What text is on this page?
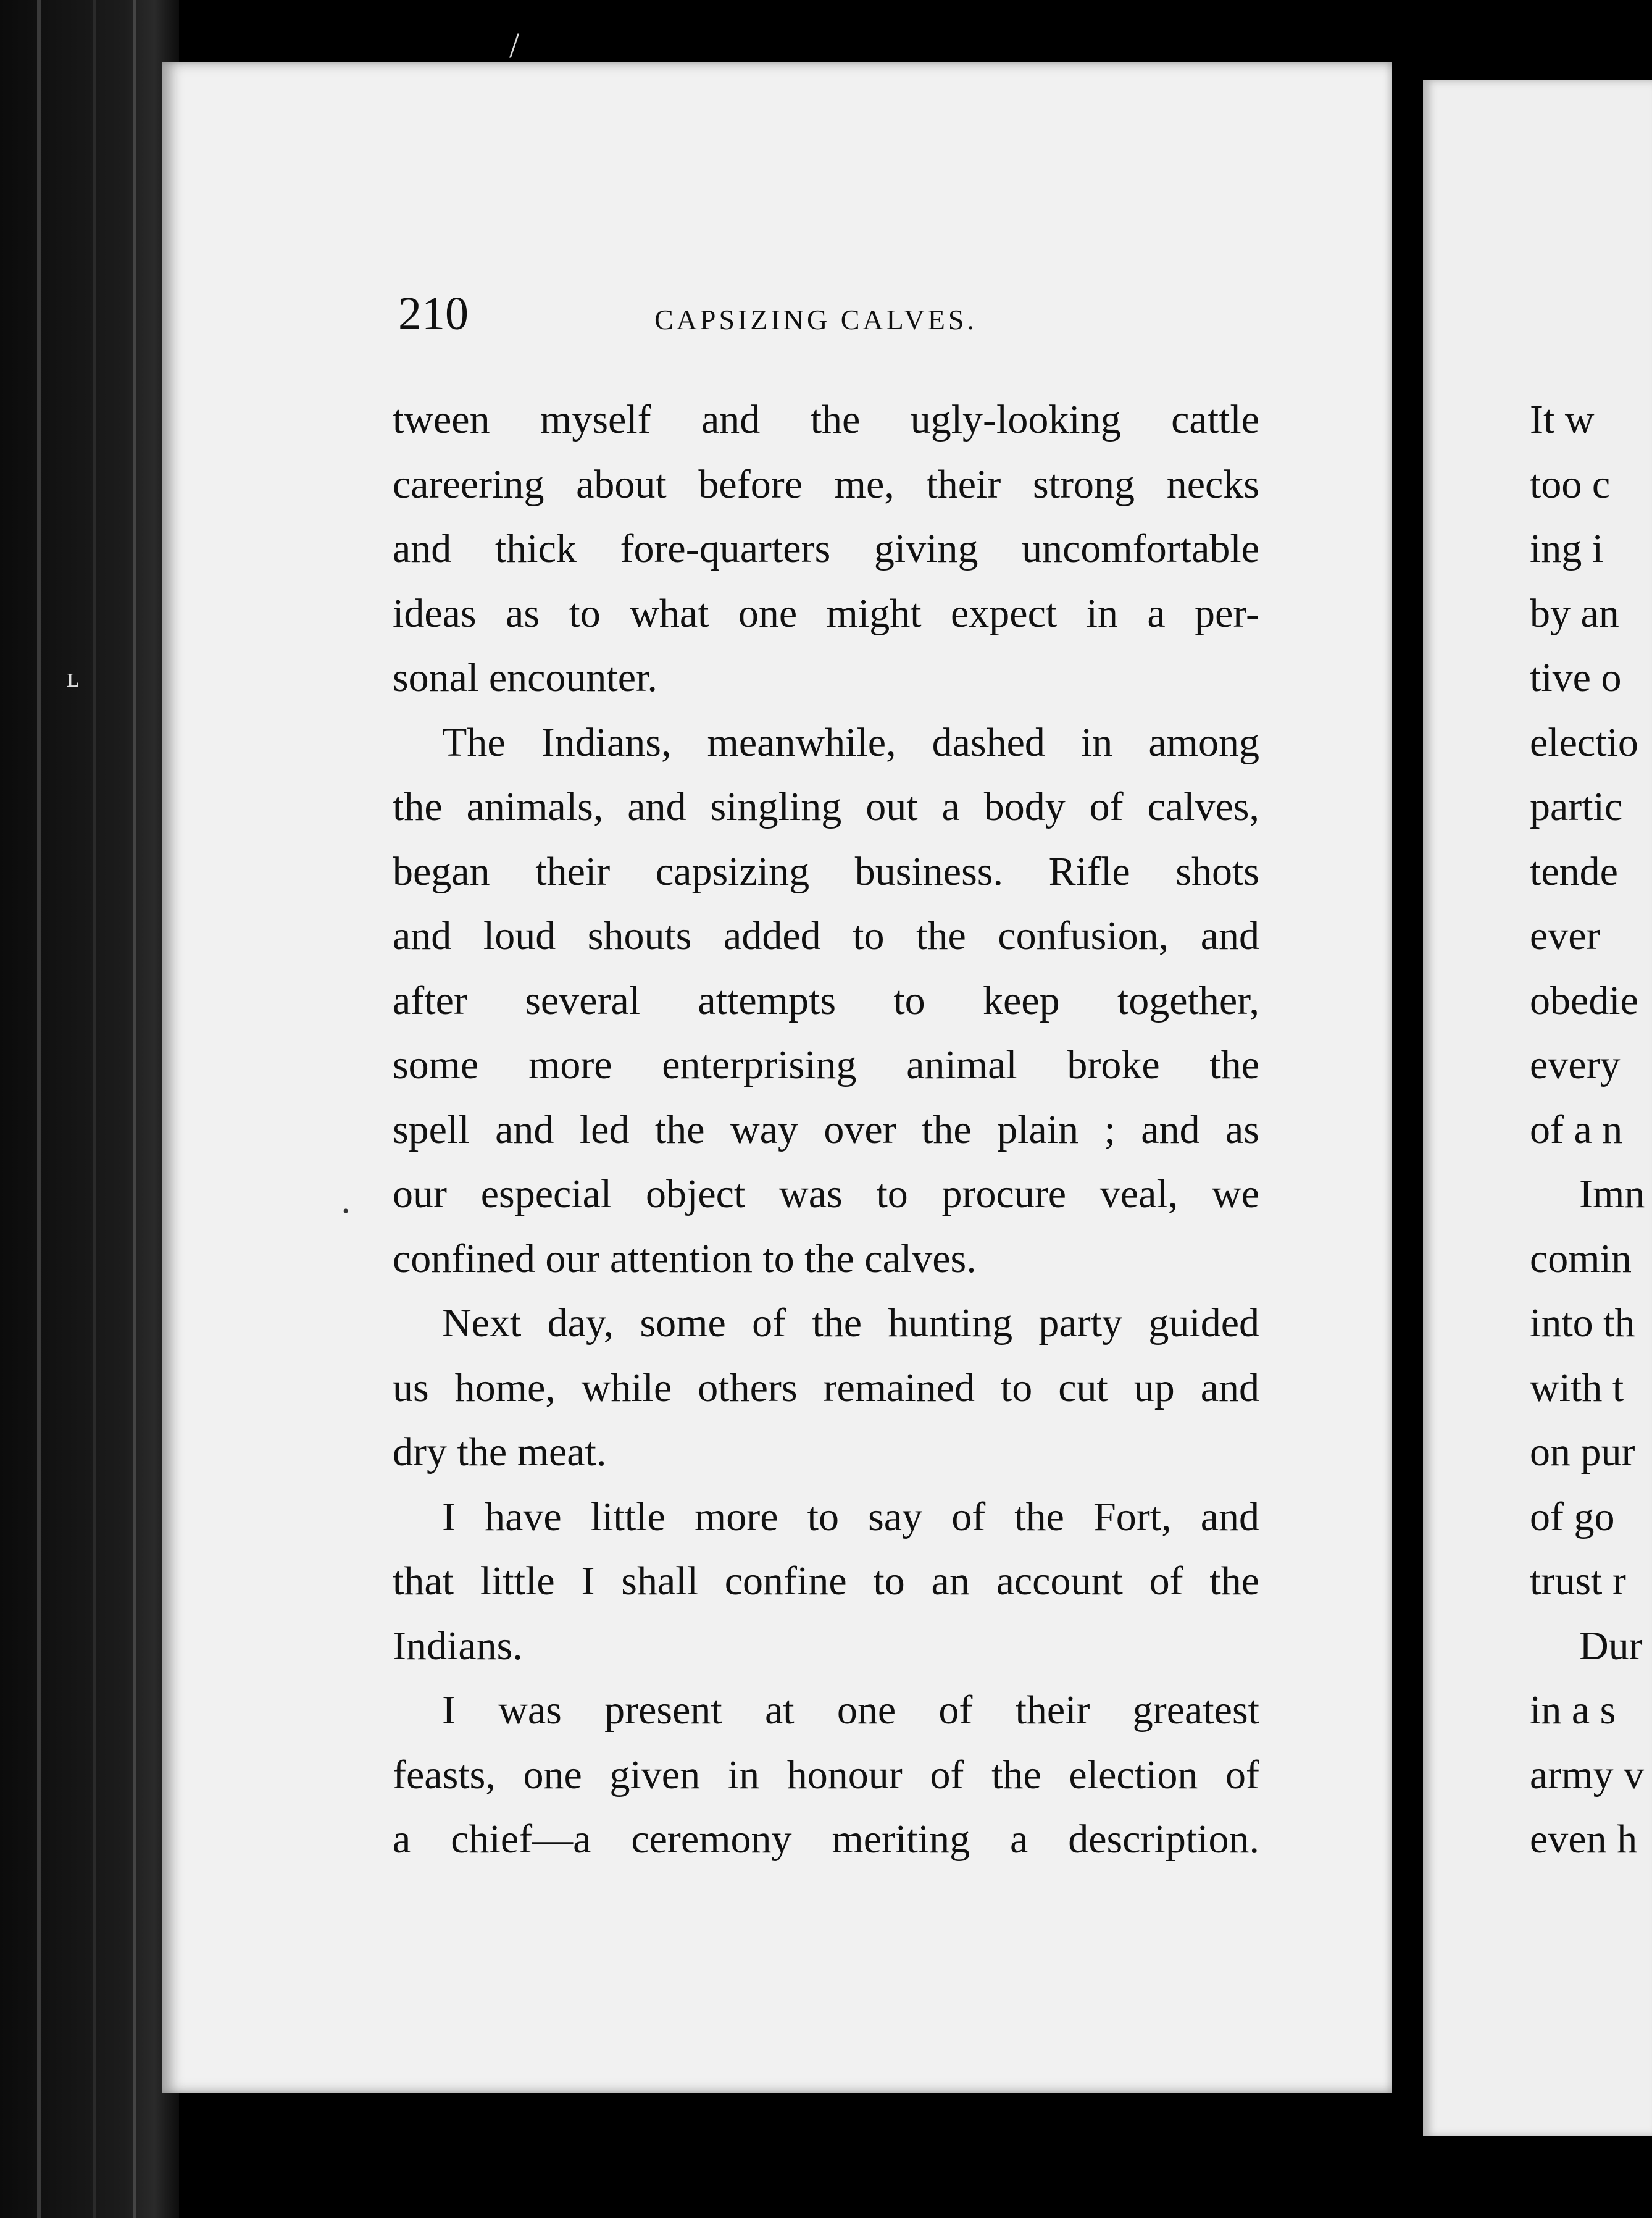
210	CAPSIZING CALVES.
tween myself and the ugly-looking cattle
careering about before me, their strong necks
and thick fore-quarters giving uncomfortable
ideas as to what one might expect in a per-
sonal encounter.
The Indians, meanwhile, dashed in among
the animals, and singling out a body of calves,
began their capsizing business. Rifle shots
and loud shouts added to the confusion, and
after several attempts to keep together,
some more enterprising animal broke the
spell and led the way over the plain ; and as
our especial object was to procure veal, we
confined our attention to the calves.
Next day, some of the hunting party guided
us home, while others remained to cut up and
dry the meat.
I have little more to say of the Fort, and
that little I shall confine to an account of the
Indians.
I was present at one of their greatest
feasts, one given in honour of the election of
a chief—a ceremony meriting a description.
It w
too c
ing i
by an
tive o
electio
partic
tende
ever
obedie
every
of a n
Imn
comin
into th
with t
on pur
of go
trust r
Dur
in a s
army v
even h
ʟ
•
/
